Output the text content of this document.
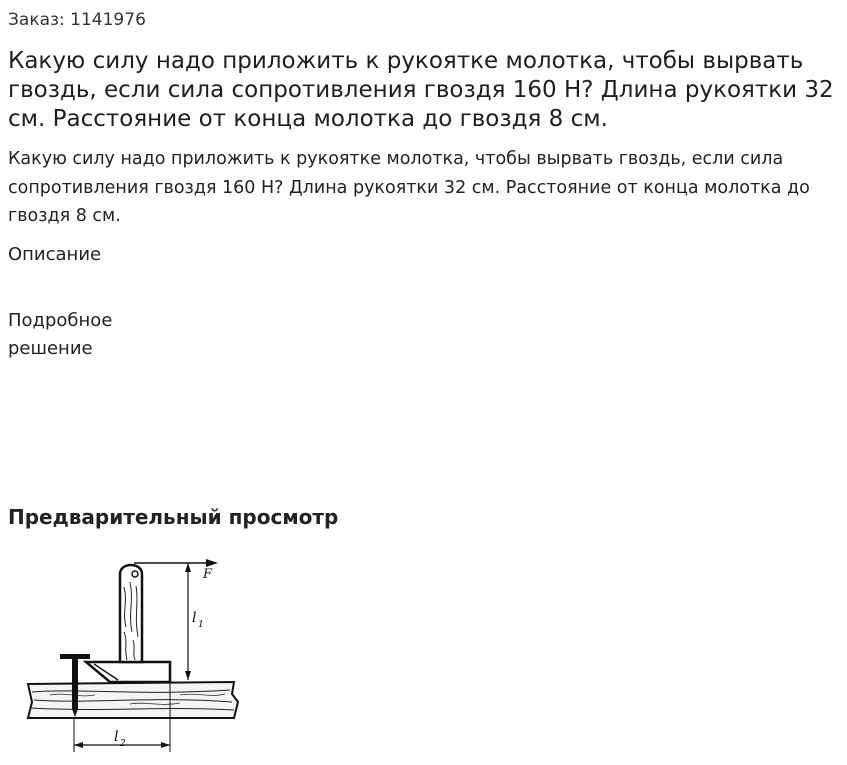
Заказ: 1141976
Какую силу надо приложить к рукоятке молотка, чтобы вырвать гвоздь, если сила сопротивления гвоздя 160 Н? Длина рукоятки 32 см. Расстояние от конца молотка до гвоздя 8 см.

Какую силу надо приложить к рукоятке молотка, чтобы вырвать гвоздь, если сила сопротивления гвоздя 160 Н? Длина рукоятки 32 см. Расстояние от конца молотка до гвоздя 8 см.

Описание
Подробное решение
Предварительный просмотр
F
l 1
l 2
